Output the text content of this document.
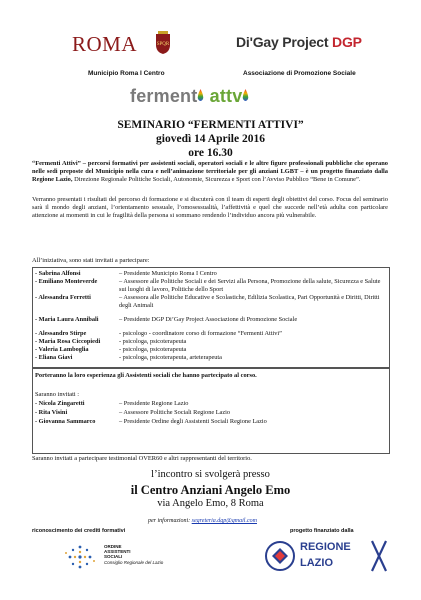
ROMA	SPQR	Di'Gay Project DGP
Municipio Roma I Centro	Associazione di Promozione Sociale
ferment attv
SEMINARIO “FERMENTI ATTIVI”
giovedì 14 Aprile 2016
ore 16.30
“Fermenti Attivi” – percorsi formativi per assistenti sociali, operatori sociali e le altre figure professionali pubbliche che operano nelle sedi preposte del Municipio nella cura e nell’animazione territoriale per gli anziani LGBT – è un progetto finanziato dalla Regione Lazio, Direzione Regionale Politiche Sociali, Autonomie, Sicurezza e Sport con l’Avviso Pubblico “Bene in Comune”.
Verranno presentati i risultati del percorso di formazione e si discuterà con il team di esperti degli obiettivi del corso. Focus del seminario sarà il mondo degli anziani, l’orientamento sessuale, l’omosessualità, l’affettività e quel che succede nell’età adulta con particolare attenzione ai momenti in cui le fragilità della persona si sommano rendendo l’individuo ancora più vulnerabile.
All’iniziativa, sono stati invitati a partecipare:
- Sabrina Alfonsi	– Presidente Municipio Roma I Centro
- Emiliano Monteverde	– Assessore alle Politiche Sociali e dei Servizi alla Persona, Promozione della salute, Sicurezza e Salute sui luoghi di lavoro, Politiche dello Sport
- Alessandra Ferretti	– Assessora alle Politiche Educative e Scolastiche, Edilizia Scolastica, Pari Opportunità e Diritti, Diritti degli Animali
- Maria Laura Annibali	– Presidente DGP Di’Gay Project Associazione di Promozione Sociale
- Alessandro Stirpe	- psicologo - coordinatore corso di formazione “Fermenti Attivi”
- Maria Rosa Ciccopiedi	- psicologa, psicoterapeuta
- Valeria Lamboglia	- psicologa, psicoterapeuta
- Eliana Giavi	- psicologa, psicoterapeuta, arteterapeuta
Porteranno la loro esperienza gli Assistenti sociali che hanno partecipato al corso.
Saranno invitati :
- Nicola Zingaretti	– Presidente Regione Lazio
- Rita Visini	– Assessore Politiche Sociali Regione Lazio
- Giovanna Sammarco	– Presidente Ordine degli Assistenti Sociali Regione Lazio
Saranno invitati a partecipare testimonial OVER60 e altri rappresentanti del territorio.
l’incontro si svolgerà presso
il Centro Anziani Angelo Emo
via Angelo Emo, 8 Roma
per informazioni: segreteria.dgp@gmail.com
riconoscimento dei crediti formativi	progetto finanziato dalla
ORDINE
ASSISTENTI
SOCIALI
Consiglio Regionale del Lazio
REGIONE
LAZIO
